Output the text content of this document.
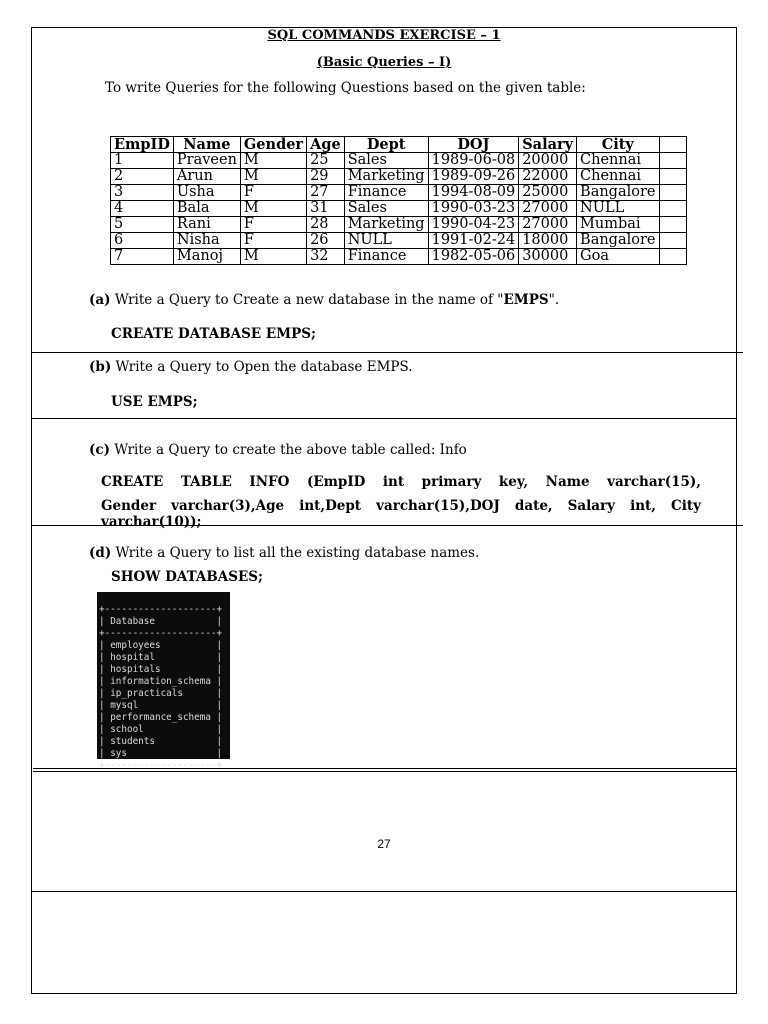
SQL COMMANDS EXERCISE – 1
(Basic Queries – I)
To write Queries for the following Questions based on the given table:
EmpID	Name	Gender	Age	Dept	DOJ	Salary	City	
1	Praveen	M	25	Sales	1989-06-08	20000	Chennai	
2	Arun	M	29	Marketing	1989-09-26	22000	Chennai	
3	Usha	F	27	Finance	1994-08-09	25000	Bangalore	
4	Bala	M	31	Sales	1990-03-23	27000	NULL	
5	Rani	F	28	Marketing	1990-04-23	27000	Mumbai	
6	Nisha	F	26	NULL	1991-02-24	18000	Bangalore	
7	Manoj	M	32	Finance	1982-05-06	30000	Goa	
(a) Write a Query to Create a new database in the name of "EMPS".
CREATE DATABASE EMPS;
(b) Write a Query to Open the database EMPS.
USE EMPS;
(c) Write a Query to create the above table called: Info
CREATE TABLE INFO (EmpID int primary key, Name varchar(15),
Gender varchar(3),Age int,Dept varchar(15),DOJ date, Salary int, City varchar(10));
(d) Write a Query to list all the existing database names.
SHOW DATABASES;

+--------------------+
| Database           |
+--------------------+
| employees          |
| hospital           |
| hospitals          |
| information_schema |
| ip_practicals      |
| mysql              |
| performance_schema |
| school             |
| students           |
| sys                |
+--------------------+

27
